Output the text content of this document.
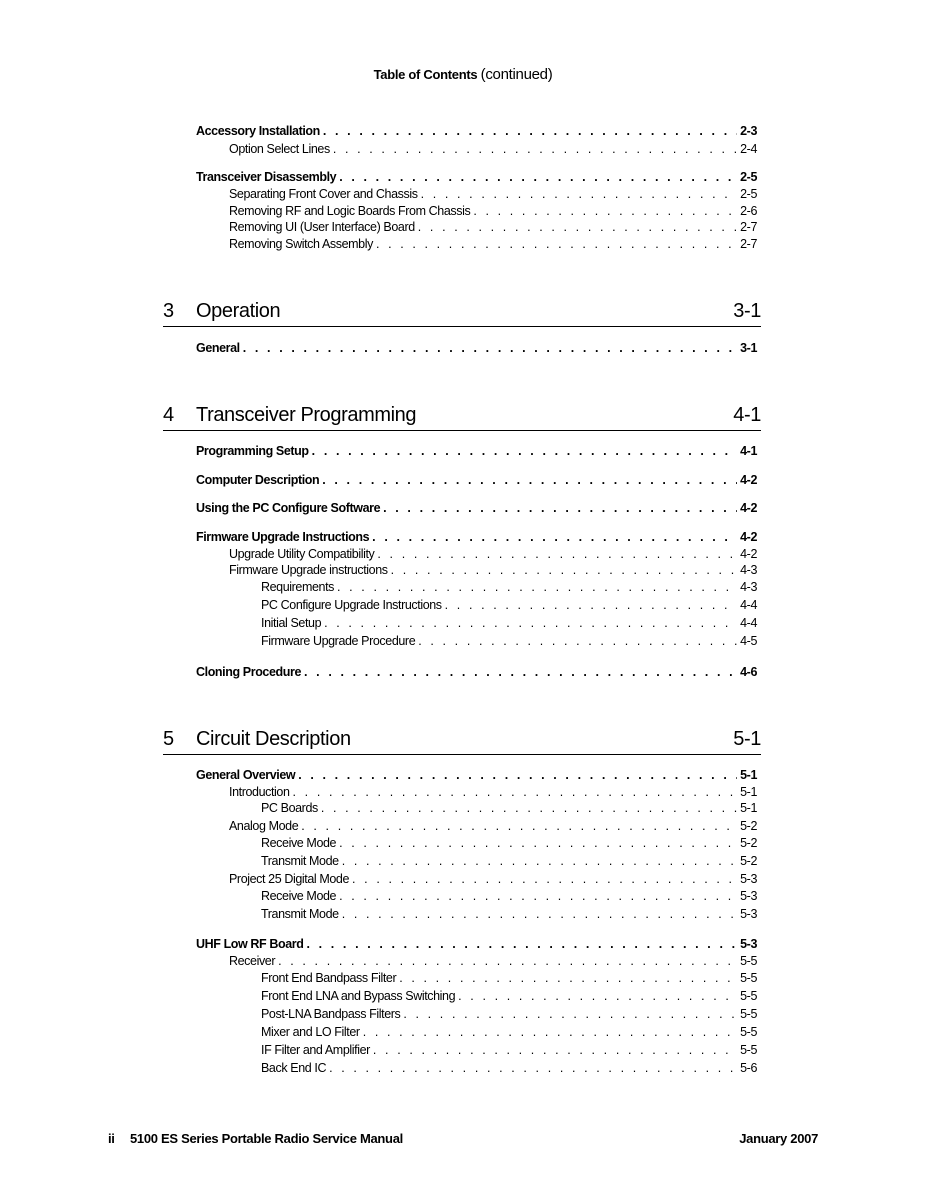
Table of Contents (continued)
Accessory Installation . . .	2-3
Option Select Lines . . .	2-4
Transceiver Disassembly . . .	2-5
Separating Front Cover and Chassis . . .	2-5
Removing RF and Logic Boards From Chassis . . .	2-6
Removing UI (User Interface) Board . . .	2-7
Removing Switch Assembly . . .	2-7
3 Operation	3-1
General . . .	3-1
4 Transceiver Programming	4-1
Programming Setup . . .	4-1
Computer Description . . .	4-2
Using the PC Configure Software . . .	4-2
Firmware Upgrade Instructions . . .	4-2
Upgrade Utility Compatibility . . .	4-2
Firmware Upgrade instructions . . .	4-3
Requirements . . .	4-3
PC Configure Upgrade Instructions . . .	4-4
Initial Setup . . .	4-4
Firmware Upgrade Procedure . . .	4-5
Cloning Procedure . . .	4-6
5 Circuit Description	5-1
General Overview . . .	5-1
Introduction . . .	5-1
PC Boards . . .	5-1
Analog Mode . . .	5-2
Receive Mode . . .	5-2
Transmit Mode . . .	5-2
Project 25 Digital Mode . . .	5-3
Receive Mode . . .	5-3
Transmit Mode . . .	5-3
UHF Low RF Board . . .	5-3
Receiver . . .	5-5
Front End Bandpass Filter . . .	5-5
Front End LNA and Bypass Switching . . .	5-5
Post-LNA Bandpass Filters . . .	5-5
Mixer and LO Filter . . .	5-5
IF Filter and Amplifier . . .	5-5
Back End IC . . .	5-6
ii 5100 ES Series Portable Radio Service Manual	January 2007
